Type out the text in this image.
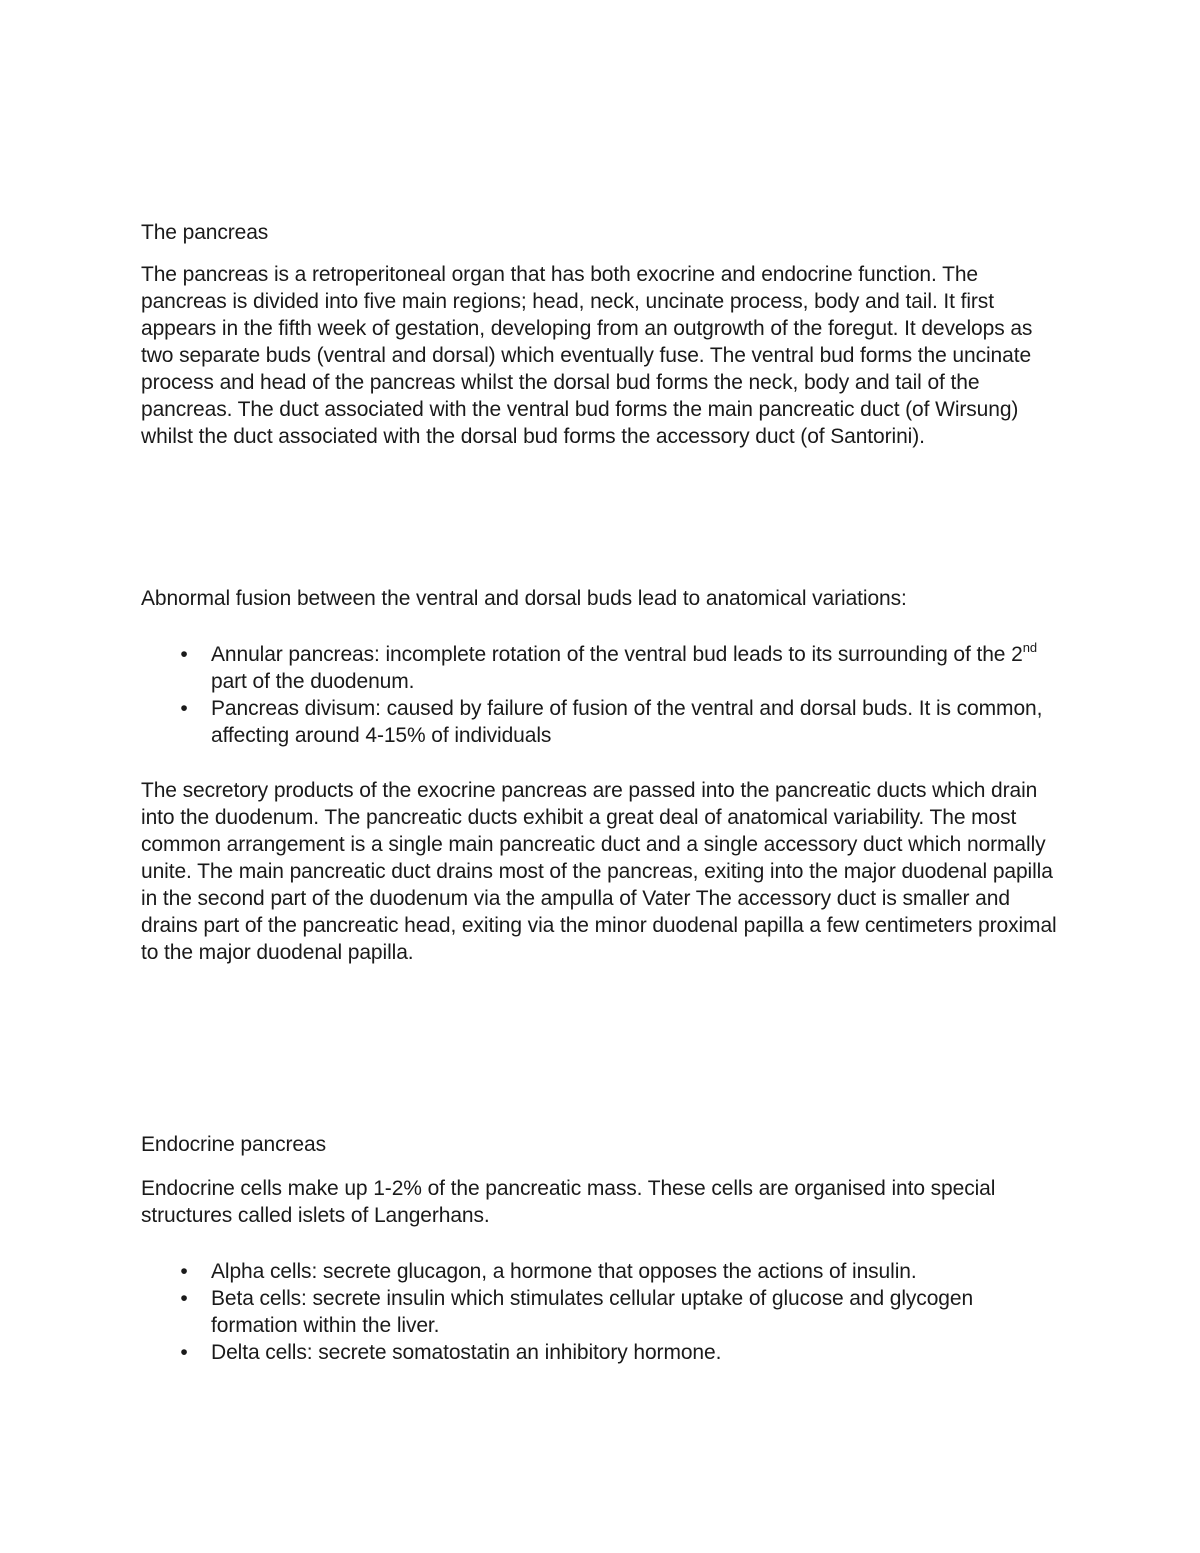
The pancreas

The pancreas is a retroperitoneal organ that has both exocrine and endocrine function. The pancreas is divided into five main regions; head, neck, uncinate process, body and tail. It first appears in the fifth week of gestation, developing from an outgrowth of the foregut. It develops as two separate buds (ventral and dorsal) which eventually fuse. The ventral bud forms the uncinate process and head of the pancreas whilst the dorsal bud forms the neck, body and tail of the pancreas. The duct associated with the ventral bud forms the main pancreatic duct (of Wirsung) whilst the duct associated with the dorsal bud forms the accessory duct (of Santorini).

Abnormal fusion between the ventral and dorsal buds lead to anatomical variations:

•	Annular pancreas: incomplete rotation of the ventral bud leads to its surrounding of the 2nd part of the duodenum.
•	Pancreas divisum: caused by failure of fusion of the ventral and dorsal buds. It is common, affecting around 4-15% of individuals

The secretory products of the exocrine pancreas are passed into the pancreatic ducts which drain into the duodenum. The pancreatic ducts exhibit a great deal of anatomical variability. The most common arrangement is a single main pancreatic duct and a single accessory duct which normally unite. The main pancreatic duct drains most of the pancreas, exiting into the major duodenal papilla in the second part of the duodenum via the ampulla of Vater The accessory duct is smaller and drains part of the pancreatic head, exiting via the minor duodenal papilla a few centimeters proximal to the major duodenal papilla.

Endocrine pancreas

Endocrine cells make up 1-2% of the pancreatic mass. These cells are organised into special structures called islets of Langerhans.

•	Alpha cells: secrete glucagon, a hormone that opposes the actions of insulin.
•	Beta cells: secrete insulin which stimulates cellular uptake of glucose and glycogen formation within the liver.
•	Delta cells: secrete somatostatin an inhibitory hormone.
